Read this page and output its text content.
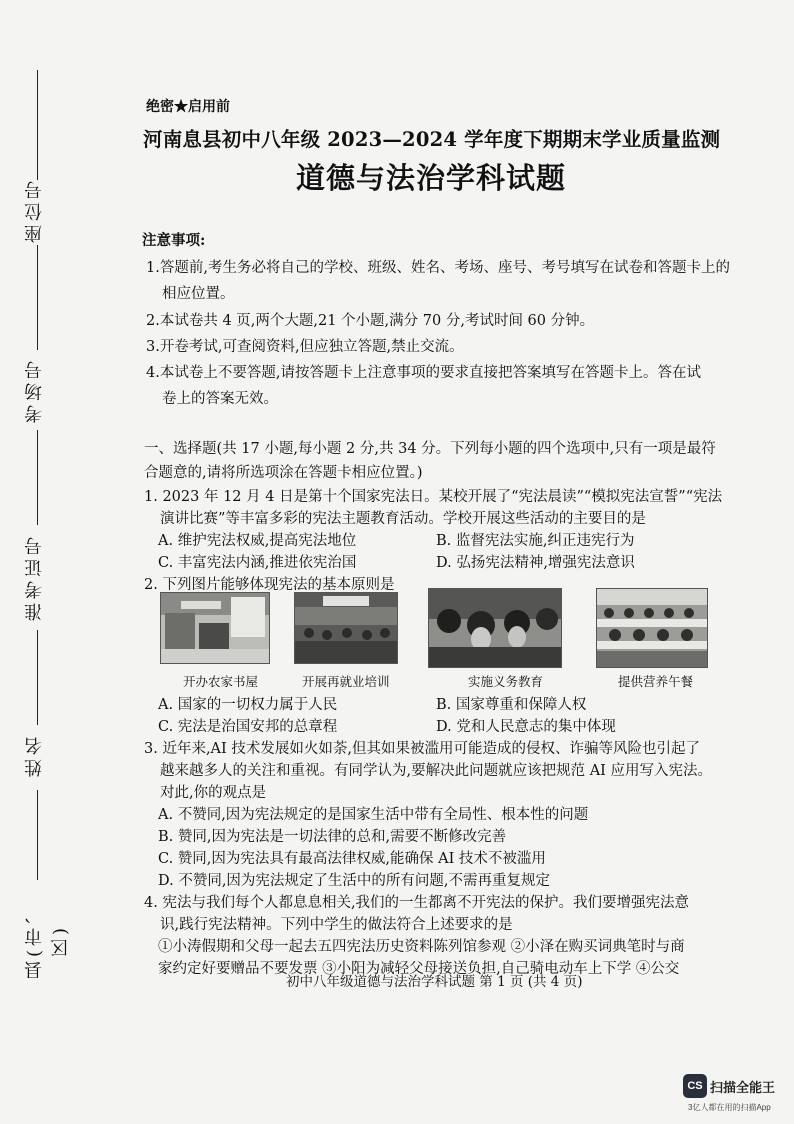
座位号
考场号
准考证号
姓名
县(市、区)
绝密★启用前
河南息县初中八年级 2023—2024 学年度下期期末学业质量监测
道德与法治学科试题
注意事项:
1.答题前,考生务必将自己的学校、班级、姓名、考场、座号、考号填写在试卷和答题卡上的
相应位置。
2.本试卷共 4 页,两个大题,21 个小题,满分 70 分,考试时间 60 分钟。
3.开卷考试,可查阅资料,但应独立答题,禁止交流。
4.本试卷上不要答题,请按答题卡上注意事项的要求直接把答案填写在答题卡上。答在试
卷上的答案无效。
一、选择题(共 17 小题,每小题 2 分,共 34 分。下列每小题的四个选项中,只有一项是最符
合题意的,请将所选项涂在答题卡相应位置。)
1. 2023 年 12 月 4 日是第十个国家宪法日。某校开展了“宪法晨读”“模拟宪法宣誓”“宪法
演讲比赛”等丰富多彩的宪法主题教育活动。学校开展这些活动的主要目的是
A. 维护宪法权威,提高宪法地位	B. 监督宪法实施,纠正违宪行为
C. 丰富宪法内涵,推进依宪治国	D. 弘扬宪法精神,增强宪法意识
2. 下列图片能够体现宪法的基本原则是
开办农家书屋	开展再就业培训	实施义务教育	提供营养午餐
A. 国家的一切权力属于人民	B. 国家尊重和保障人权
C. 宪法是治国安邦的总章程	D. 党和人民意志的集中体现
3. 近年来,AI 技术发展如火如荼,但其如果被滥用可能造成的侵权、诈骗等风险也引起了
越来越多人的关注和重视。有同学认为,要解决此问题就应该把规范 AI 应用写入宪法。
对此,你的观点是
A. 不赞同,因为宪法规定的是国家生活中带有全局性、根本性的问题
B. 赞同,因为宪法是一切法律的总和,需要不断修改完善
C. 赞同,因为宪法具有最高法律权威,能确保 AI 技术不被滥用
D. 不赞同,因为宪法规定了生活中的所有问题,不需再重复规定
4. 宪法与我们每个人都息息相关,我们的一生都离不开宪法的保护。我们要增强宪法意
识,践行宪法精神。下列中学生的做法符合上述要求的是
①小涛假期和父母一起去五四宪法历史资料陈列馆参观 ②小泽在购买词典笔时与商
家约定好要赠品不要发票 ③小阳为减轻父母接送负担,自己骑电动车上下学 ④公交
初中八年级道德与法治学科试题 第 1 页 (共 4 页)
CS 扫描全能王
3亿人都在用的扫描App
